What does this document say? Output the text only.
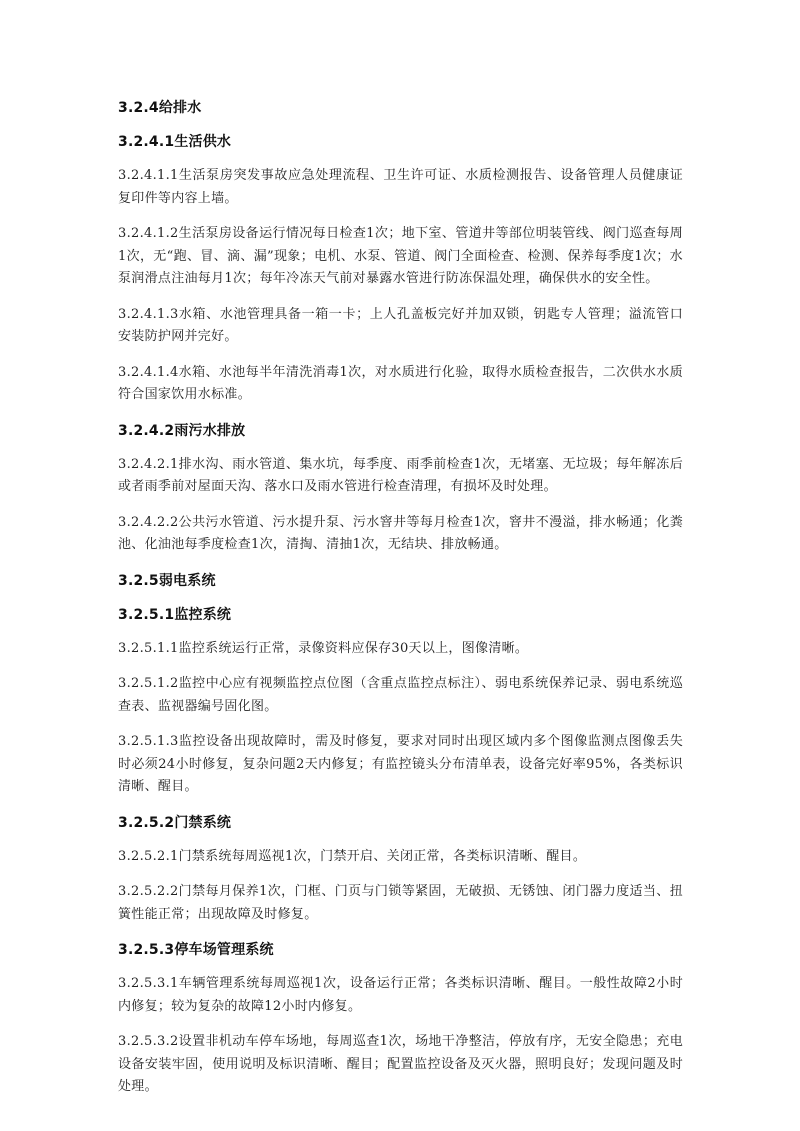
3.2.4给排水
3.2.4.1生活供水

3.2.4.1.1生活泵房突发事故应急处理流程、卫生许可证、水质检测报告、设备管理人员健康证复印件等内容上墙。

3.2.4.1.2生活泵房设备运行情况每日检查1次；地下室、管道井等部位明装管线、阀门巡查每周1次，无“跑、冒、滴、漏”现象；电机、水泵、管道、阀门全面检查、检测、保养每季度1次；水泵润滑点注油每月1次；每年冷冻天气前对暴露水管进行防冻保温处理，确保供水的安全性。

3.2.4.1.3水箱、水池管理具备一箱一卡；上人孔盖板完好并加双锁，钥匙专人管理；溢流管口安装防护网并完好。

3.2.4.1.4水箱、水池每半年清洗消毒1次，对水质进行化验，取得水质检查报告，二次供水水质符合国家饮用水标准。

3.2.4.2雨污水排放

3.2.4.2.1排水沟、雨水管道、集水坑，每季度、雨季前检查1次，无堵塞、无垃圾；每年解冻后或者雨季前对屋面天沟、落水口及雨水管进行检查清理，有损坏及时处理。

3.2.4.2.2公共污水管道、污水提升泵、污水窨井等每月检查1次，窨井不漫溢，排水畅通；化粪池、化油池每季度检查1次，清掏、清抽1次，无结块、排放畅通。

3.2.5弱电系统
3.2.5.1监控系统

3.2.5.1.1监控系统运行正常，录像资料应保存30天以上，图像清晰。

3.2.5.1.2监控中心应有视频监控点位图（含重点监控点标注）、弱电系统保养记录、弱电系统巡查表、监视器编号固化图。

3.2.5.1.3监控设备出现故障时，需及时修复，要求对同时出现区域内多个图像监测点图像丢失时必须24小时修复，复杂问题2天内修复；有监控镜头分布清单表，设备完好率95%，各类标识清晰、醒目。

3.2.5.2门禁系统

3.2.5.2.1门禁系统每周巡视1次，门禁开启、关闭正常，各类标识清晰、醒目。

3.2.5.2.2门禁每月保养1次，门框、门页与门锁等紧固，无破损、无锈蚀、闭门器力度适当、扭簧性能正常；出现故障及时修复。

3.2.5.3停车场管理系统

3.2.5.3.1车辆管理系统每周巡视1次，设备运行正常；各类标识清晰、醒目。一般性故障2小时内修复；较为复杂的故障12小时内修复。

3.2.5.3.2设置非机动车停车场地，每周巡查1次，场地干净整洁，停放有序，无安全隐患；充电设备安装牢固，使用说明及标识清晰、醒目；配置监控设备及灭火器，照明良好；发现问题及时处理。
